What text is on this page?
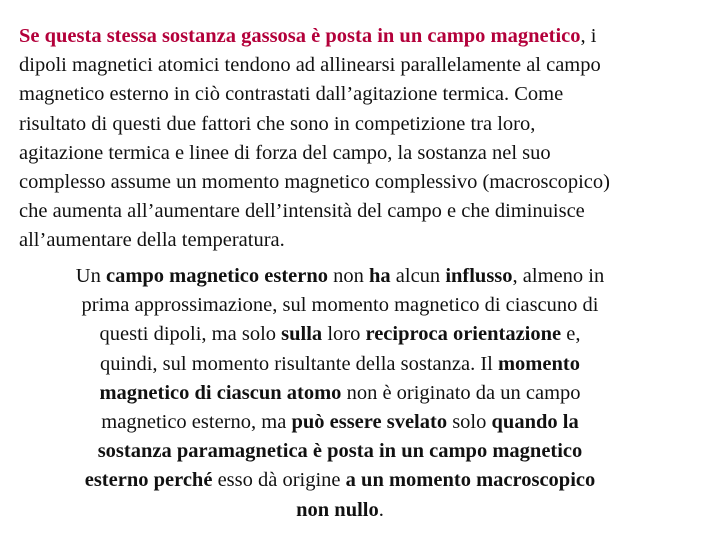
Se questa stessa sostanza gassosa è posta in un campo magnetico, i
dipoli magnetici atomici tendono ad allinearsi parallelamente al campo
magnetico esterno in ciò contrastati dall’agitazione termica. Come
risultato di questi due fattori che sono in competizione tra loro,
agitazione termica e linee di forza del campo, la sostanza nel suo
complesso assume un momento magnetico complessivo (macroscopico)
che aumenta all’aumentare dell’intensità del campo e che diminuisce
all’aumentare della temperatura.

Un campo magnetico esterno non ha alcun influsso, almeno in
prima approssimazione, sul momento magnetico di ciascuno di
questi dipoli, ma solo sulla loro reciproca orientazione e,
quindi, sul momento risultante della sostanza. Il momento
magnetico di ciascun atomo non è originato da un campo
magnetico esterno, ma può essere svelato solo quando la
sostanza paramagnetica è posta in un campo magnetico
esterno perché esso dà origine a un momento macroscopico
non nullo.
